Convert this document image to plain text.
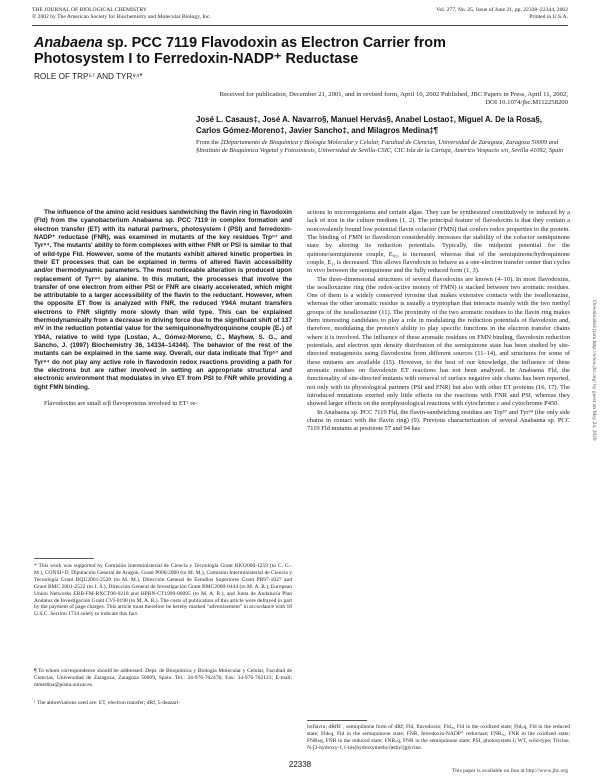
THE JOURNAL OF BIOLOGICAL CHEMISTRY
© 2002 by The American Society for Biochemistry and Molecular Biology, Inc.
Vol. 277, No. 25, Issue of June 21, pp. 22338–22344, 2002
Printed in U.S.A.
Anabaena sp. PCC 7119 Flavodoxin as Electron Carrier from
Photosystem I to Ferredoxin-NADP⁺ Reductase
ROLE OF TRP⁵⁷ AND TYR⁹⁴*
Received for publication, December 21, 2001, and in revised form, April 10, 2002 Published, JBC Papers in Press, April 11, 2002, DOI 10.1074/jbc.M112258200
José L. Casaus‡, José A. Navarro§, Manuel Hervás§, Anabel Lostao‡, Miguel A. De la Rosa§, Carlos Gómez-Moreno‡, Javier Sancho‡, and Milagros Medina‡¶
From the ‡Departamento de Bioquímica y Biología Molecular y Celular, Facultad de Ciencias, Universidad de Zaragoza, Zaragoza 50009 and §Instituto de Bioquímica Vegetal y Fotosíntesis, Universidad de Sevilla-CSIC, CIC Isla de la Cartuja, Américo Vespucio s/n, Sevilla 41092, Spain

The influence of the amino acid residues sandwiching the flavin ring in flavodoxin (Fld) from the cyanobacterium Anabaena sp. PCC 7119 in complex formation and electron transfer (ET) with its natural partners, photosystem I (PSI) and ferredoxin-NADP⁺ reductase (FNR), was examined in mutants of the key residues Trp⁵⁷ and Tyr⁹⁴. The mutants' ability to form complexes with either FNR or PSI is similar to that of wild-type Fld. However, some of the mutants exhibit altered kinetic properties in their ET processes that can be explained in terms of altered flavin accessibility and/or thermodynamic parameters. The most noticeable alteration is produced upon replacement of Tyr⁹⁴ by alanine. In this mutant, the processes that involve the transfer of one electron from either PSI or FNR are clearly accelerated, which might be attributable to a larger accessibility of the flavin to the reductant. However, when the opposite ET flow is analyzed with FNR, the reduced Y94A mutant transfers electrons to FNR slightly more slowly than wild type. This can be explained thermodynamically from a decrease in driving force due to the significant shift of 137 mV in the reduction potential value for the semiquinone/hydroquinone couple (E₁) of Y94A, relative to wild type (Lostao, A., Gómez-Moreno, C., Mayhew, S. G., and Sancho, J. (1997) Biochemistry 36, 14334–14344). The behavior of the rest of the mutants can be explained in the same way. Overall, our data indicate that Trp⁵⁷ and Tyr⁹⁴ do not play any active role in flavodoxin redox reactions providing a path for the electrons but are rather involved in setting an appropriate structural and electronic environment that modulates in vivo ET from PSI to FNR while providing a tight FMN binding.

Flavodoxins are small α/β flavoproteins involved in ET¹ re-

* This work was supported by Comisión Interministerial de Ciencia y Tecnología Grant BIO2000-1259 (to C. G.-M.), CONSI+D, Diputación General de Aragón, Grant P006/2000 (to M. M.), Comisión Interministerial de Ciencia y Tecnología Grant BQU2001-2520 (to M. M.), Dirección General de Estudios Superiores Grant PB97-1027 and Grant BMC 2001-2522 (to J. S.), Dirección General de Investigación Grant BMC2000-0444 (to M. A. R.), European Union Networks ERB-FM-RXCT98-0218 and HPRN-CT1999-00095 (to M. A. R.), and Junta de Andalucía Plan Andaluz de Investigación Grant CVI-0198 (to M. A. R.). The costs of publication of this article were defrayed in part by the payment of page charges. This article must therefore be hereby marked "advertisement" in accordance with 18 U.S.C. Section 1734 solely to indicate this fact.
¶ To whom correspondence should be addressed: Dept. de Bioquímica y Biología Molecular y Celular, Facultad de Ciencias, Universidad de Zaragoza, Zaragoza 50009, Spain. Tel.: 34-976-762476; Fax: 34-976-762123; E-mail: mmedina@posta.unizar.es.
¹ The abbreviations used are: ET, electron transfer; dRf, 5-deazari-

actions in microorganisms and certain algae. They can be synthesized constitutively or induced by a lack of iron in the culture medium (1, 2). The principal feature of flavodoxins is that they contain a noncovalently bound low potential flavin cofactor (FMN) that confers redox properties to the protein. The binding of FMN to flavodoxin considerably increases the stability of the cofactor semiquinone state by altering its reduction potentials. Typically, the midpoint potential for the quinone/semiquinone couple, E₀₂, is increased, whereas that of the semiquinone/hydroquinone couple, E₁, is decreased. This allows flavodoxin to behave as a one-electron transfer center that cycles in vivo between the semiquinone and the fully reduced form (1, 3).

The three-dimensional structures of several flavodoxins are known (4–10). In most flavodoxins, the isoalloxazine ring (the redox-active moiety of FMN) is stacked between two aromatic residues. One of them is a widely conserved tyrosine that makes extensive contacts with the isoalloxazine, whereas the other aromatic residue is usually a tryptophan that interacts mainly with the two methyl groups of the isoalloxazine (11). The proximity of the two aromatic residues to the flavin ring makes them interesting candidates to play a role in modulating the reduction potentials of flavodoxin and, therefore, modulating the protein's ability to play specific functions in the electron transfer chains where it is involved. The influence of these aromatic residues on FMN binding, flavodoxin reduction potentials, and electron spin density distribution of the semiquinone state has been studied by site-directed mutagenesis using flavodoxins from different sources (11–14), and structures for some of these mutants are available (15). However, to the best of our knowledge, the influence of these aromatic residues on flavodoxin ET reactions has not been analyzed. In Anabaena Fld, the functionality of site-directed mutants with removal of surface negative side chains has been reported, not only with its physiological partners (PSI and FNR) but also with other ET proteins (16, 17). The introduced mutations exerted only little effects on the reactions with FNR and PSI, whereas they showed larger effects on the nonphysiological reactions with cytochrome c and cytochrome P450.

In Anabaena sp. PCC 7119 Fld, the flavin-sandwiching residues are Trp⁵⁷ and Tyr⁹⁴ (the only side chains in contact with the flavin ring) (9). Previous characterization of several Anabaena sp. PCC 7119 Fld mutants at positions 57 and 94 has

boflavin; dRfH˙, semiquinone form of dRf; Fld, flavodoxin; Fldₒₓ, Fld in the oxidized state; Fldₛq, Fld in the reduced state; Fldₕq, Fld in the semiquinone state; FNR, ferredoxin-NADP⁺ reductase; FNRₒₓ, FNR in the oxidized state; FNRₕq, FNR in the reduced state; FNRₛq, FNR in the semiquinone state; PSI, photosystem I; WT, wild-type; Tricine, N-[2-hydroxy-1,1-bis(hydroxymethyl)ethyl]glycine.
22338
This paper is available on line at http://www.jbc.org
Downloaded from http://www.jbc.org/ by guest on May 24, 2020
